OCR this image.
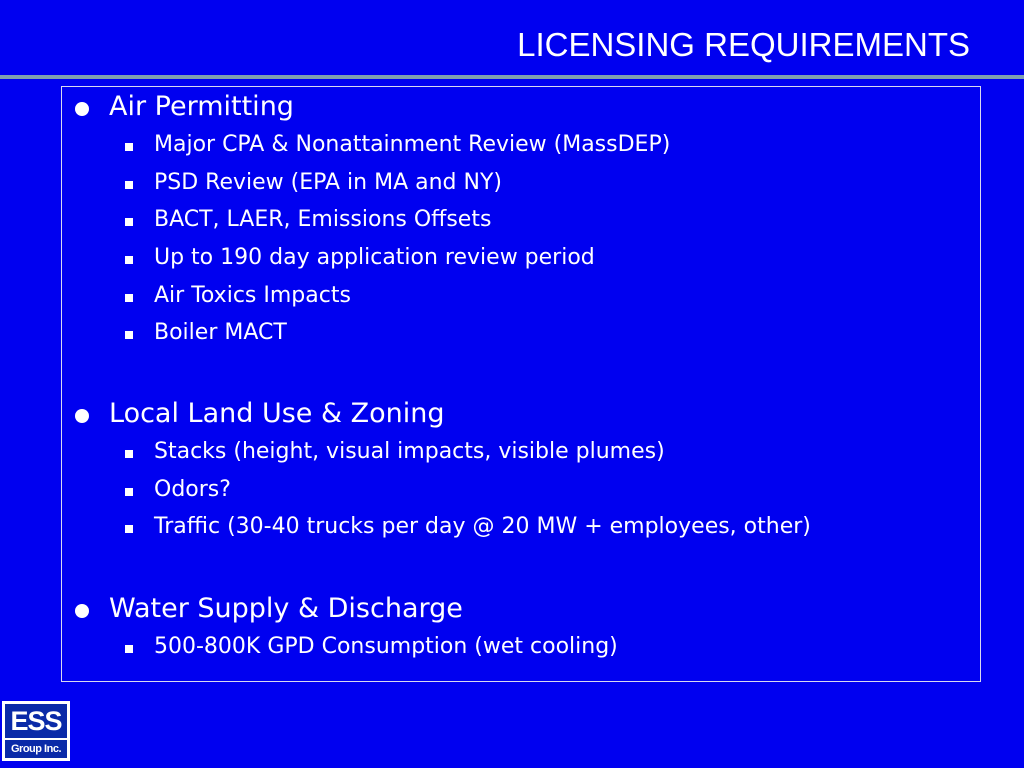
LICENSING REQUIREMENTS
Air Permitting
Major CPA & Nonattainment Review (MassDEP)
PSD Review (EPA in MA and NY)
BACT, LAER, Emissions Offsets
Up to 190 day application review period
Air Toxics Impacts
Boiler MACT
Local Land Use & Zoning
Stacks (height, visual impacts, visible plumes)
Odors?
Traffic (30-40 trucks per day @ 20 MW + employees, other)
Water Supply & Discharge
500-800K GPD Consumption (wet cooling)
ESS
Group Inc.
